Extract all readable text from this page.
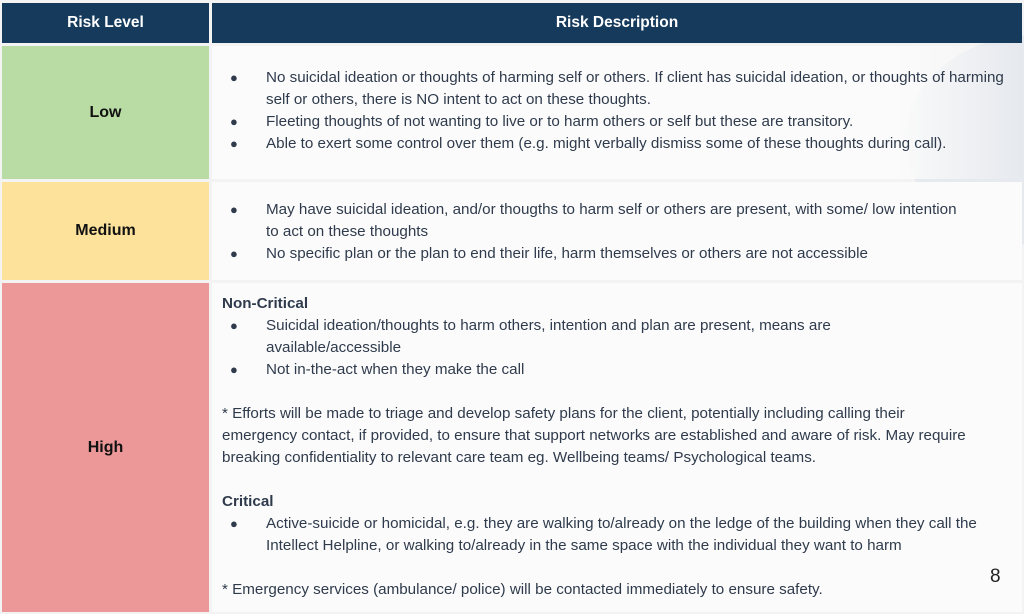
Risk Level	Risk Description
Low
● No suicidal ideation or thoughts of harming self or others. If client has suicidal ideation, or thoughts of harming self or others, there is NO intent to act on these thoughts.
● Fleeting thoughts of not wanting to live or to harm others or self but these are transitory.
● Able to exert some control over them (e.g. might verbally dismiss some of these thoughts during call).
Medium
● May have suicidal ideation, and/or thougths to harm self or others are present, with some/ low intention to act on these thoughts
● No specific plan or the plan to end their life, harm themselves or others are not accessible
High
Non-Critical
● Suicidal ideation/thoughts to harm others, intention and plan are present, means are available/accessible
● Not in-the-act when they make the call

* Efforts will be made to triage and develop safety plans for the client, potentially including calling their emergency contact, if provided, to ensure that support networks are established and aware of risk. May require breaking confidentiality to relevant care team eg. Wellbeing teams/ Psychological teams.

Critical
● Active-suicide or homicidal, e.g. they are walking to/already on the ledge of the building when they call the Intellect Helpline, or walking to/already in the same space with the individual they want to harm

* Emergency services (ambulance/ police) will be contacted immediately to ensure safety.

8
